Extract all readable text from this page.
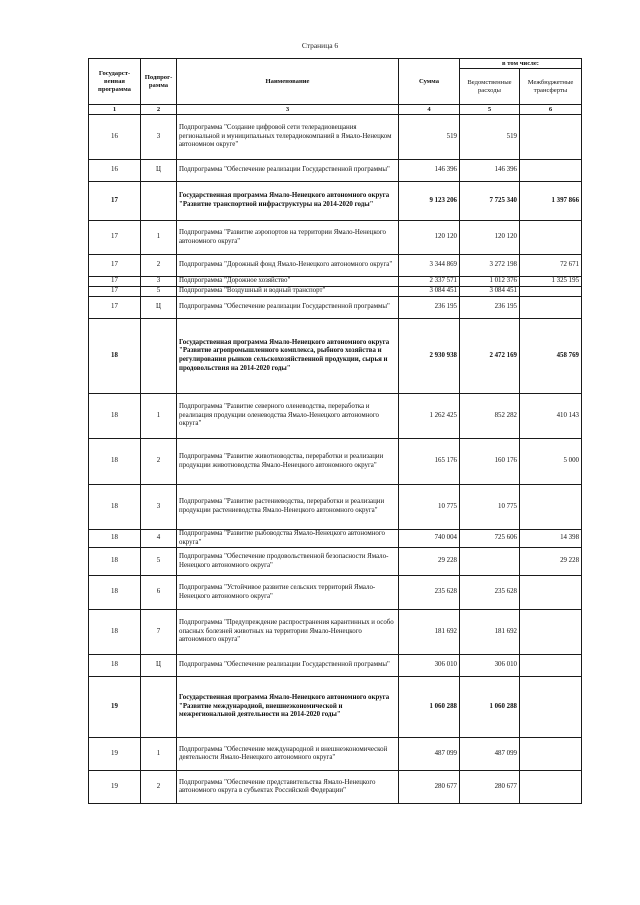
Страница 6
Государст-венная программа	Подпрог-рамма	Наименование	Сумма	в том числе:	
				Ведомственные расходы	Межбюджетные трансферты
1	2	3	4	5	6
16	3	Подпрограмма "Создание цифровой сети телерадиовещания региональной и муниципальных телерадиокомпаний в Ямало-Ненецком автономном округе"	519	519	
16	Ц	Подпрограмма "Обеспечение реализации Государственной программы"	146 396	146 396	
17		Государственная программа Ямало-Ненецкого автономного округа "Развитие транспортной инфраструктуры на 2014-2020 годы"	9 123 206	7 725 340	1 397 866
17	1	Подпрограмма "Развитие аэропортов на территории Ямало-Ненецкого автономного округа"	120 120	120 120	
17	2	Подпрограмма "Дорожный фонд Ямало-Ненецкого автономного округа"	3 344 869	3 272 198	72 671
17	3	Подпрограмма "Дорожное хозяйство"	2 337 571	1 012 376	1 325 195
17	5	Подпрограмма "Воздушный и водный транспорт"	3 084 451	3 084 451	
17	Ц	Подпрограмма "Обеспечение реализации Государственной программы"	236 195	236 195	
18		Государственная программа Ямало-Ненецкого автономного округа "Развитие агропромышленного комплекса, рыбного хозяйства и регулирования рынков сельскохозяйственной продукции, сырья и продовольствия на 2014-2020 годы"	2 930 938	2 472 169	458 769
18	1	Подпрограмма "Развитие северного оленеводства, переработка и реализация продукции оленеводства Ямало-Ненецкого автономного округа"	1 262 425	852 282	410 143
18	2	Подпрограмма "Развитие животноводства, переработки и реализации продукции животноводства Ямало-Ненецкого автономного округа"	165 176	160 176	5 000
18	3	Подпрограмма "Развитие растениеводства, переработки и реализации продукции растениеводства Ямало-Ненецкого автономного округа"	10 775	10 775	
18	4	Подпрограмма "Развитие рыбоводства Ямало-Ненецкого автономного округа"	740 004	725 606	14 398
18	5	Подпрограмма "Обеспечение продовольственной безопасности Ямало-Ненецкого автономного округа"	29 228		29 228
18	6	Подпрограмма "Устойчивое развитие сельских территорий Ямало-Ненецкого автономного округа"	235 628	235 628	
18	7	Подпрограмма "Предупреждение распространения карантинных и особо опасных болезней животных на территории Ямало-Ненецкого автономного округа"	181 692	181 692	
18	Ц	Подпрограмма "Обеспечение реализации Государственной программы"	306 010	306 010	
19		Государственная программа Ямало-Ненецкого автономного округа "Развитие международной, внешнеэкономической и межрегиональной деятельности на 2014-2020 годы"	1 060 288	1 060 288	
19	1	Подпрограмма "Обеспечение международной и внешнеэкономической деятельности Ямало-Ненецкого автономного округа"	487 099	487 099	
19	2	Подпрограмма "Обеспечение представительства Ямало-Ненецкого автономного округа в субъектах Российской Федерации"	280 677	280 677	
